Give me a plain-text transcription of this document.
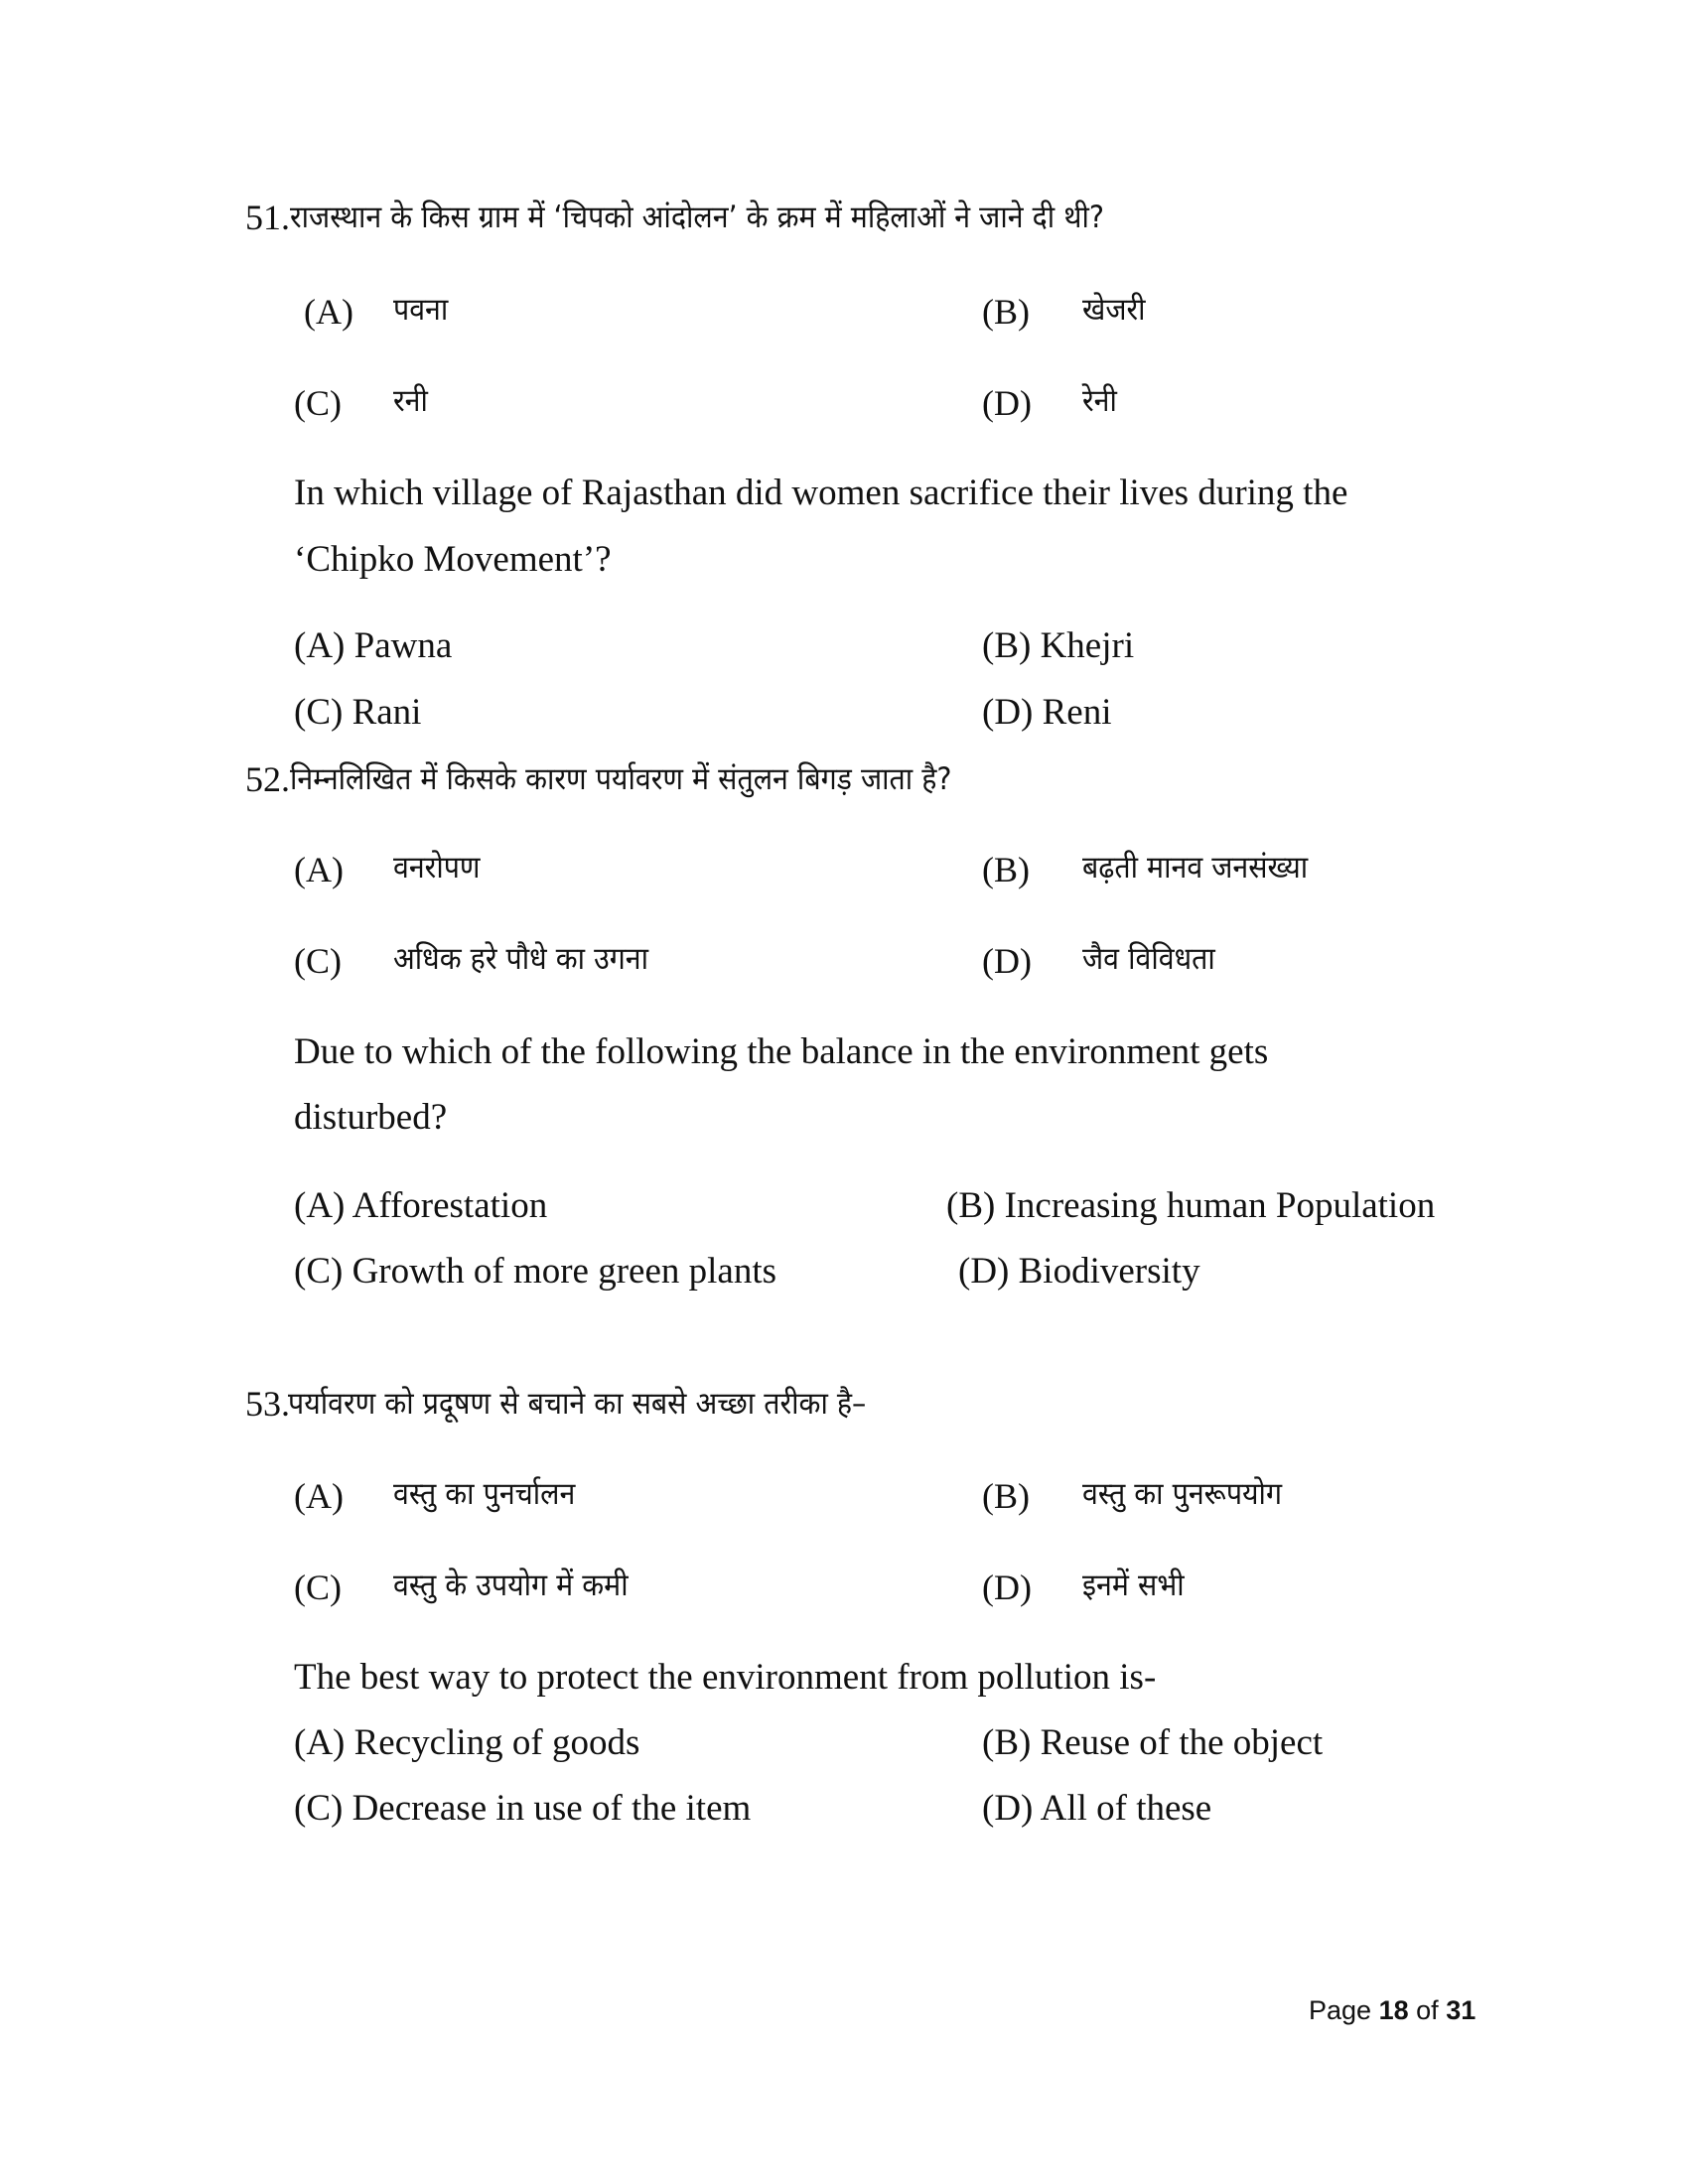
51. राजस्थान के किस ग्राम में ‘चिपको आंदोलन’ के क्रम में महिलाओं ने जाने दी थी?
(A) पवना	(B) खेजरी
(C) रनी	(D) रेनी
In which village of Rajasthan did women sacrifice their lives during the
‘Chipko Movement’?
(A) Pawna	(B) Khejri
(C) Rani	(D) Reni
52. निम्नलिखित में किसके कारण पर्यावरण में संतुलन बिगड़ जाता है?
(A) वनरोपण	(B) बढ़ती मानव जनसंख्या
(C) अधिक हरे पौधे का उगना	(D) जैव विविधता
Due to which of the following the balance in the environment gets
disturbed?
(A) Afforestation	(B) Increasing human Population
(C) Growth of more green plants	(D) Biodiversity
53.
पर्यावरण को प्रदूषण से बचाने का सबसे अच्छा तरीका है–
(A) वस्तु का पुनर्चालन	(B) वस्तु का पुनरूपयोग
(C) वस्तु के उपयोग में कमी	(D) इनमें सभी
The best way to protect the environment from pollution is-
(A) Recycling of goods	(B) Reuse of the object
(C) Decrease in use of the item	(D) All of these
Page 18 of 31
